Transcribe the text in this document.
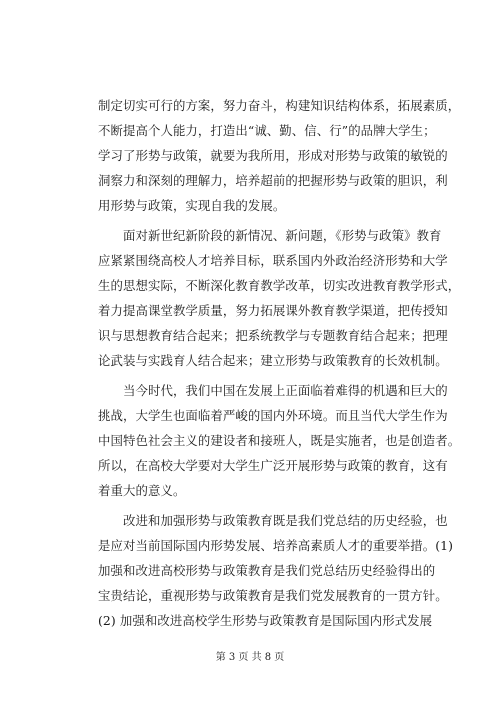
制定切实可行的方案，努力奋斗，构建知识结构体系，拓展素质，
不断提高个人能力，打造出“诚、勤、信、行”的品牌大学生；
学习了形势与政策，就要为我所用，形成对形势与政策的敏锐的
洞察力和深刻的理解力，培养超前的把握形势与政策的胆识，利
用形势与政策，实现自我的发展。
　　面对新世纪新阶段的新情况、新问题，《形势与政策》教育
应紧紧围绕高校人才培养目标，联系国内外政治经济形势和大学
生的思想实际，不断深化教育教学改革，切实改进教育教学形式，
着力提高课堂教学质量，努力拓展课外教育教学渠道，把传授知
识与思想教育结合起来；把系统教学与专题教育结合起来；把理
论武装与实践育人结合起来；建立形势与政策教育的长效机制。
　　当今时代，我们中国在发展上正面临着难得的机遇和巨大的
挑战，大学生也面临着严峻的国内外环境。而且当代大学生作为
中国特色社会主义的建设者和接班人，既是实施者，也是创造者。
所以，在高校大学要对大学生广泛开展形势与政策的教育，这有
着重大的意义。
　　改进和加强形势与政策教育既是我们党总结的历史经验，也
是应对当前国际国内形势发展、培养高素质人才的重要举措。(1)
加强和改进高校形势与政策教育是我们党总结历史经验得出的
宝贵结论，重视形势与政策教育是我们党发展教育的一贯方针。
(2) 加强和改进高校学生形势与政策教育是国际国内形式发展
第 3 页 共 8 页
